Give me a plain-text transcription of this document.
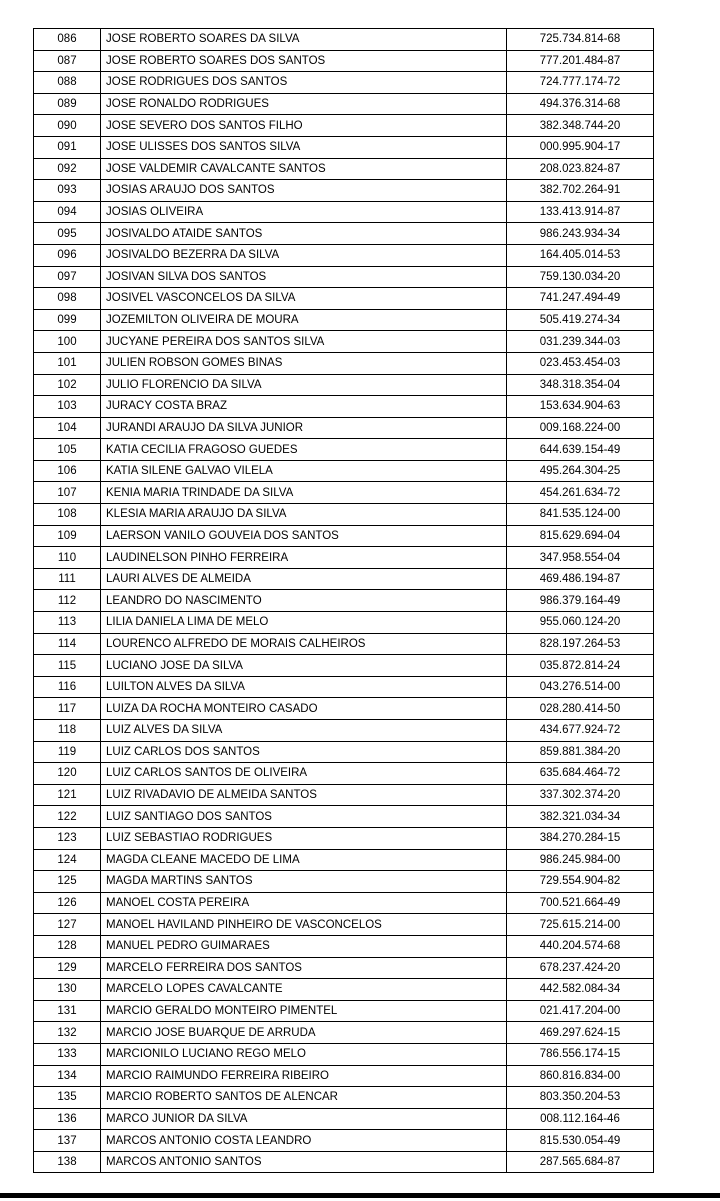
086	JOSE ROBERTO SOARES DA SILVA	725.734.814-68
087	JOSE ROBERTO SOARES DOS SANTOS	777.201.484-87
088	JOSE RODRIGUES DOS SANTOS	724.777.174-72
089	JOSE RONALDO RODRIGUES	494.376.314-68
090	JOSE SEVERO DOS SANTOS FILHO	382.348.744-20
091	JOSE ULISSES DOS SANTOS SILVA	000.995.904-17
092	JOSE VALDEMIR CAVALCANTE SANTOS	208.023.824-87
093	JOSIAS ARAUJO DOS SANTOS	382.702.264-91
094	JOSIAS OLIVEIRA	133.413.914-87
095	JOSIVALDO ATAIDE SANTOS	986.243.934-34
096	JOSIVALDO BEZERRA DA SILVA	164.405.014-53
097	JOSIVAN SILVA DOS SANTOS	759.130.034-20
098	JOSIVEL VASCONCELOS DA SILVA	741.247.494-49
099	JOZEMILTON OLIVEIRA DE MOURA	505.419.274-34
100	JUCYANE PEREIRA DOS SANTOS SILVA	031.239.344-03
101	JULIEN ROBSON GOMES BINAS	023.453.454-03
102	JULIO FLORENCIO DA SILVA	348.318.354-04
103	JURACY COSTA BRAZ	153.634.904-63
104	JURANDI ARAUJO DA SILVA JUNIOR	009.168.224-00
105	KATIA CECILIA FRAGOSO GUEDES	644.639.154-49
106	KATIA SILENE GALVAO VILELA	495.264.304-25
107	KENIA MARIA TRINDADE DA SILVA	454.261.634-72
108	KLESIA MARIA ARAUJO DA SILVA	841.535.124-00
109	LAERSON VANILO GOUVEIA DOS SANTOS	815.629.694-04
110	LAUDINELSON PINHO FERREIRA	347.958.554-04
111	LAURI ALVES DE ALMEIDA	469.486.194-87
112	LEANDRO DO NASCIMENTO	986.379.164-49
113	LILIA DANIELA LIMA DE MELO	955.060.124-20
114	LOURENCO ALFREDO DE MORAIS CALHEIROS	828.197.264-53
115	LUCIANO JOSE DA SILVA	035.872.814-24
116	LUILTON ALVES DA SILVA	043.276.514-00
117	LUIZA DA ROCHA MONTEIRO CASADO	028.280.414-50
118	LUIZ ALVES DA SILVA	434.677.924-72
119	LUIZ CARLOS DOS SANTOS	859.881.384-20
120	LUIZ CARLOS SANTOS DE OLIVEIRA	635.684.464-72
121	LUIZ RIVADAVIO DE ALMEIDA SANTOS	337.302.374-20
122	LUIZ SANTIAGO DOS SANTOS	382.321.034-34
123	LUIZ SEBASTIAO RODRIGUES	384.270.284-15
124	MAGDA CLEANE MACEDO DE LIMA	986.245.984-00
125	MAGDA MARTINS SANTOS	729.554.904-82
126	MANOEL COSTA PEREIRA	700.521.664-49
127	MANOEL HAVILAND PINHEIRO DE VASCONCELOS	725.615.214-00
128	MANUEL PEDRO GUIMARAES	440.204.574-68
129	MARCELO FERREIRA DOS SANTOS	678.237.424-20
130	MARCELO LOPES CAVALCANTE	442.582.084-34
131	MARCIO GERALDO MONTEIRO PIMENTEL	021.417.204-00
132	MARCIO JOSE BUARQUE DE ARRUDA	469.297.624-15
133	MARCIONILO LUCIANO REGO MELO	786.556.174-15
134	MARCIO RAIMUNDO FERREIRA RIBEIRO	860.816.834-00
135	MARCIO ROBERTO SANTOS DE ALENCAR	803.350.204-53
136	MARCO JUNIOR DA SILVA	008.112.164-46
137	MARCOS ANTONIO COSTA LEANDRO	815.530.054-49
138	MARCOS ANTONIO SANTOS	287.565.684-87
